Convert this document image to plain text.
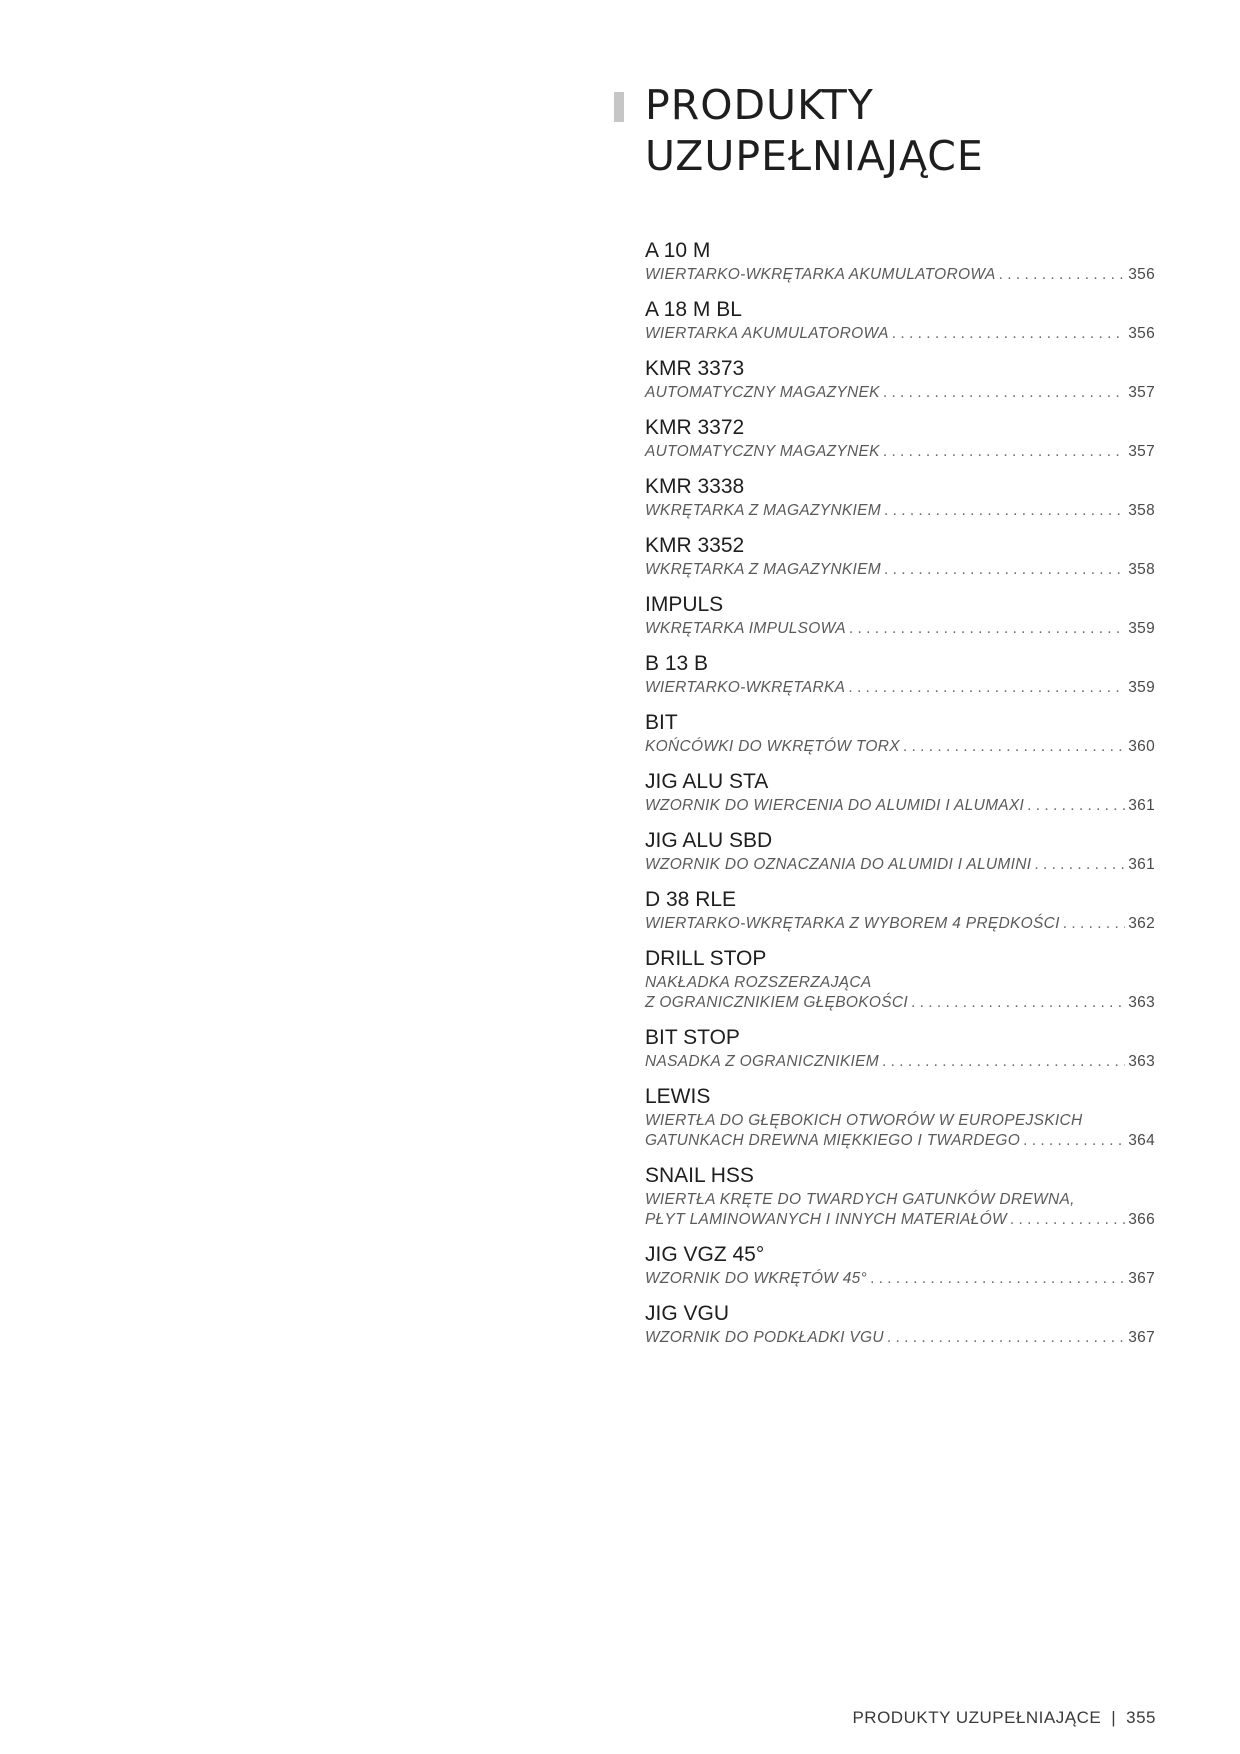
PRODUKTY
UZUPEŁNIAJĄCE
A 10 M
WIERTARKO-WKRĘTARKA AKUMULATOROWA . . .	356
A 18 M BL
WIERTARKA AKUMULATOROWA . . .	356
KMR 3373
AUTOMATYCZNY MAGAZYNEK . . .	357
KMR 3372
AUTOMATYCZNY MAGAZYNEK . . .	357
KMR 3338
WKRĘTARKA Z MAGAZYNKIEM . . .	358
KMR 3352
WKRĘTARKA Z MAGAZYNKIEM . . .	358
IMPULS
WKRĘTARKA IMPULSOWA . . .	359
B 13 B
WIERTARKO-WKRĘTARKA . . .	359
BIT
KOŃCÓWKI DO WKRĘTÓW TORX . . .	360
JIG ALU STA
WZORNIK DO WIERCENIA DO ALUMIDI I ALUMAXI . . .	361
JIG ALU SBD
WZORNIK DO OZNACZANIA DO ALUMIDI I ALUMINI . . .	361
D 38 RLE
WIERTARKO-WKRĘTARKA Z WYBOREM 4 PRĘDKOŚCI . . .	362
DRILL STOP
NAKŁADKA ROZSZERZAJĄCA
Z OGRANICZNIKIEM GŁĘBOKOŚCI . . .	363
BIT STOP
NASADKA Z OGRANICZNIKIEM . . .	363
LEWIS
WIERTŁA DO GŁĘBOKICH OTWORÓW W EUROPEJSKICH
GATUNKACH DREWNA MIĘKKIEGO I TWARDEGO . . .	364
SNAIL HSS
WIERTŁA KRĘTE DO TWARDYCH GATUNKÓW DREWNA,
PŁYT LAMINOWANYCH I INNYCH MATERIAŁÓW . . .	366
JIG VGZ 45°
WZORNIK DO WKRĘTÓW 45° . . .	367
JIG VGU
WZORNIK DO PODKŁADKI VGU . . .	367
PRODUKTY UZUPEŁNIAJĄCE | 355
